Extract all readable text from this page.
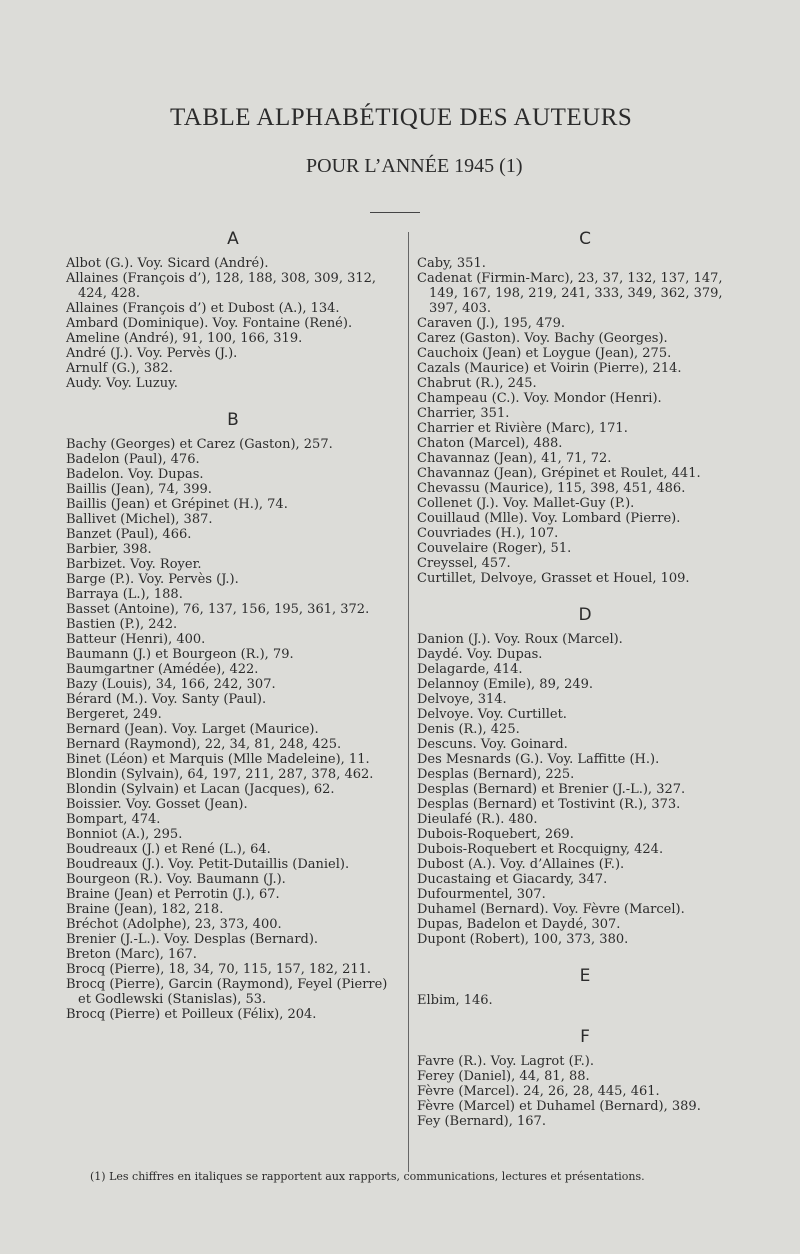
TABLE ALPHABÉTIQUE DES AUTEURS
POUR L’ANNÉE 1945 (1)
A
Albot (G.). Voy. Sicard (André).
Allaines (François d’), 128, 188, 308, 309, 312, 424, 428.
Allaines (François d’) et Dubost (A.), 134.
Ambard (Dominique). Voy. Fontaine (René).
Ameline (André), 91, 100, 166, 319.
André (J.). Voy. Pervès (J.).
Arnulf (G.), 382.
Audy. Voy. Luzuy.
B
Bachy (Georges) et Carez (Gaston), 257.
Badelon (Paul), 476.
Badelon. Voy. Dupas.
Baillis (Jean), 74, 399.
Baillis (Jean) et Grépinet (H.), 74.
Ballivet (Michel), 387.
Banzet (Paul), 466.
Barbier, 398.
Barbizet. Voy. Royer.
Barge (P.). Voy. Pervès (J.).
Barraya (L.), 188.
Basset (Antoine), 76, 137, 156, 195, 361, 372.
Bastien (P.), 242.
Batteur (Henri), 400.
Baumann (J.) et Bourgeon (R.), 79.
Baumgartner (Amédée), 422.
Bazy (Louis), 34, 166, 242, 307.
Bérard (M.). Voy. Santy (Paul).
Bergeret, 249.
Bernard (Jean). Voy. Larget (Maurice).
Bernard (Raymond), 22, 34, 81, 248, 425.
Binet (Léon) et Marquis (Mlle Madeleine), 11.
Blondin (Sylvain), 64, 197, 211, 287, 378, 462.
Blondin (Sylvain) et Lacan (Jacques), 62.
Boissier. Voy. Gosset (Jean).
Bompart, 474.
Bonniot (A.), 295.
Boudreaux (J.) et René (L.), 64.
Boudreaux (J.). Voy. Petit-Dutaillis (Daniel).
Bourgeon (R.). Voy. Baumann (J.).
Braine (Jean) et Perrotin (J.), 67.
Braine (Jean), 182, 218.
Bréchot (Adolphe), 23, 373, 400.
Brenier (J.-L.). Voy. Desplas (Bernard).
Breton (Marc), 167.
Brocq (Pierre), 18, 34, 70, 115, 157, 182, 211.
Brocq (Pierre), Garcin (Raymond), Feyel (Pierre) et Godlewski (Stanislas), 53.
Brocq (Pierre) et Poilleux (Félix), 204.
C
Caby, 351.
Cadenat (Firmin-Marc), 23, 37, 132, 137, 147, 149, 167, 198, 219, 241, 333, 349, 362, 379, 397, 403.
Caraven (J.), 195, 479.
Carez (Gaston). Voy. Bachy (Georges).
Cauchoix (Jean) et Loygue (Jean), 275.
Cazals (Maurice) et Voirin (Pierre), 214.
Chabrut (R.), 245.
Champeau (C.). Voy. Mondor (Henri).
Charrier, 351.
Charrier et Rivière (Marc), 171.
Chaton (Marcel), 488.
Chavannaz (Jean), 41, 71, 72.
Chavannaz (Jean), Grépinet et Roulet, 441.
Chevassu (Maurice), 115, 398, 451, 486.
Collenet (J.). Voy. Mallet-Guy (P.).
Couillaud (Mlle). Voy. Lombard (Pierre).
Couvriades (H.), 107.
Couvelaire (Roger), 51.
Creyssel, 457.
Curtillet, Delvoye, Grasset et Houel, 109.
D
Danion (J.). Voy. Roux (Marcel).
Daydé. Voy. Dupas.
Delagarde, 414.
Delannoy (Emile), 89, 249.
Delvoye, 314.
Delvoye. Voy. Curtillet.
Denis (R.), 425.
Descuns. Voy. Goinard.
Des Mesnards (G.). Voy. Laffitte (H.).
Desplas (Bernard), 225.
Desplas (Bernard) et Brenier (J.-L.), 327.
Desplas (Bernard) et Tostivint (R.), 373.
Dieulafé (R.). 480.
Dubois-Roquebert, 269.
Dubois-Roquebert et Rocquigny, 424.
Dubost (A.). Voy. d’Allaines (F.).
Ducastaing et Giacardy, 347.
Dufourmentel, 307.
Duhamel (Bernard). Voy. Fèvre (Marcel).
Dupas, Badelon et Daydé, 307.
Dupont (Robert), 100, 373, 380.
E
Elbim, 146.
F
Favre (R.). Voy. Lagrot (F.).
Ferey (Daniel), 44, 81, 88.
Fèvre (Marcel). 24, 26, 28, 445, 461.
Fèvre (Marcel) et Duhamel (Bernard), 389.
Fey (Bernard), 167.
(1) Les chiffres en italiques se rapportent aux rapports, communications, lectures et présentations.
